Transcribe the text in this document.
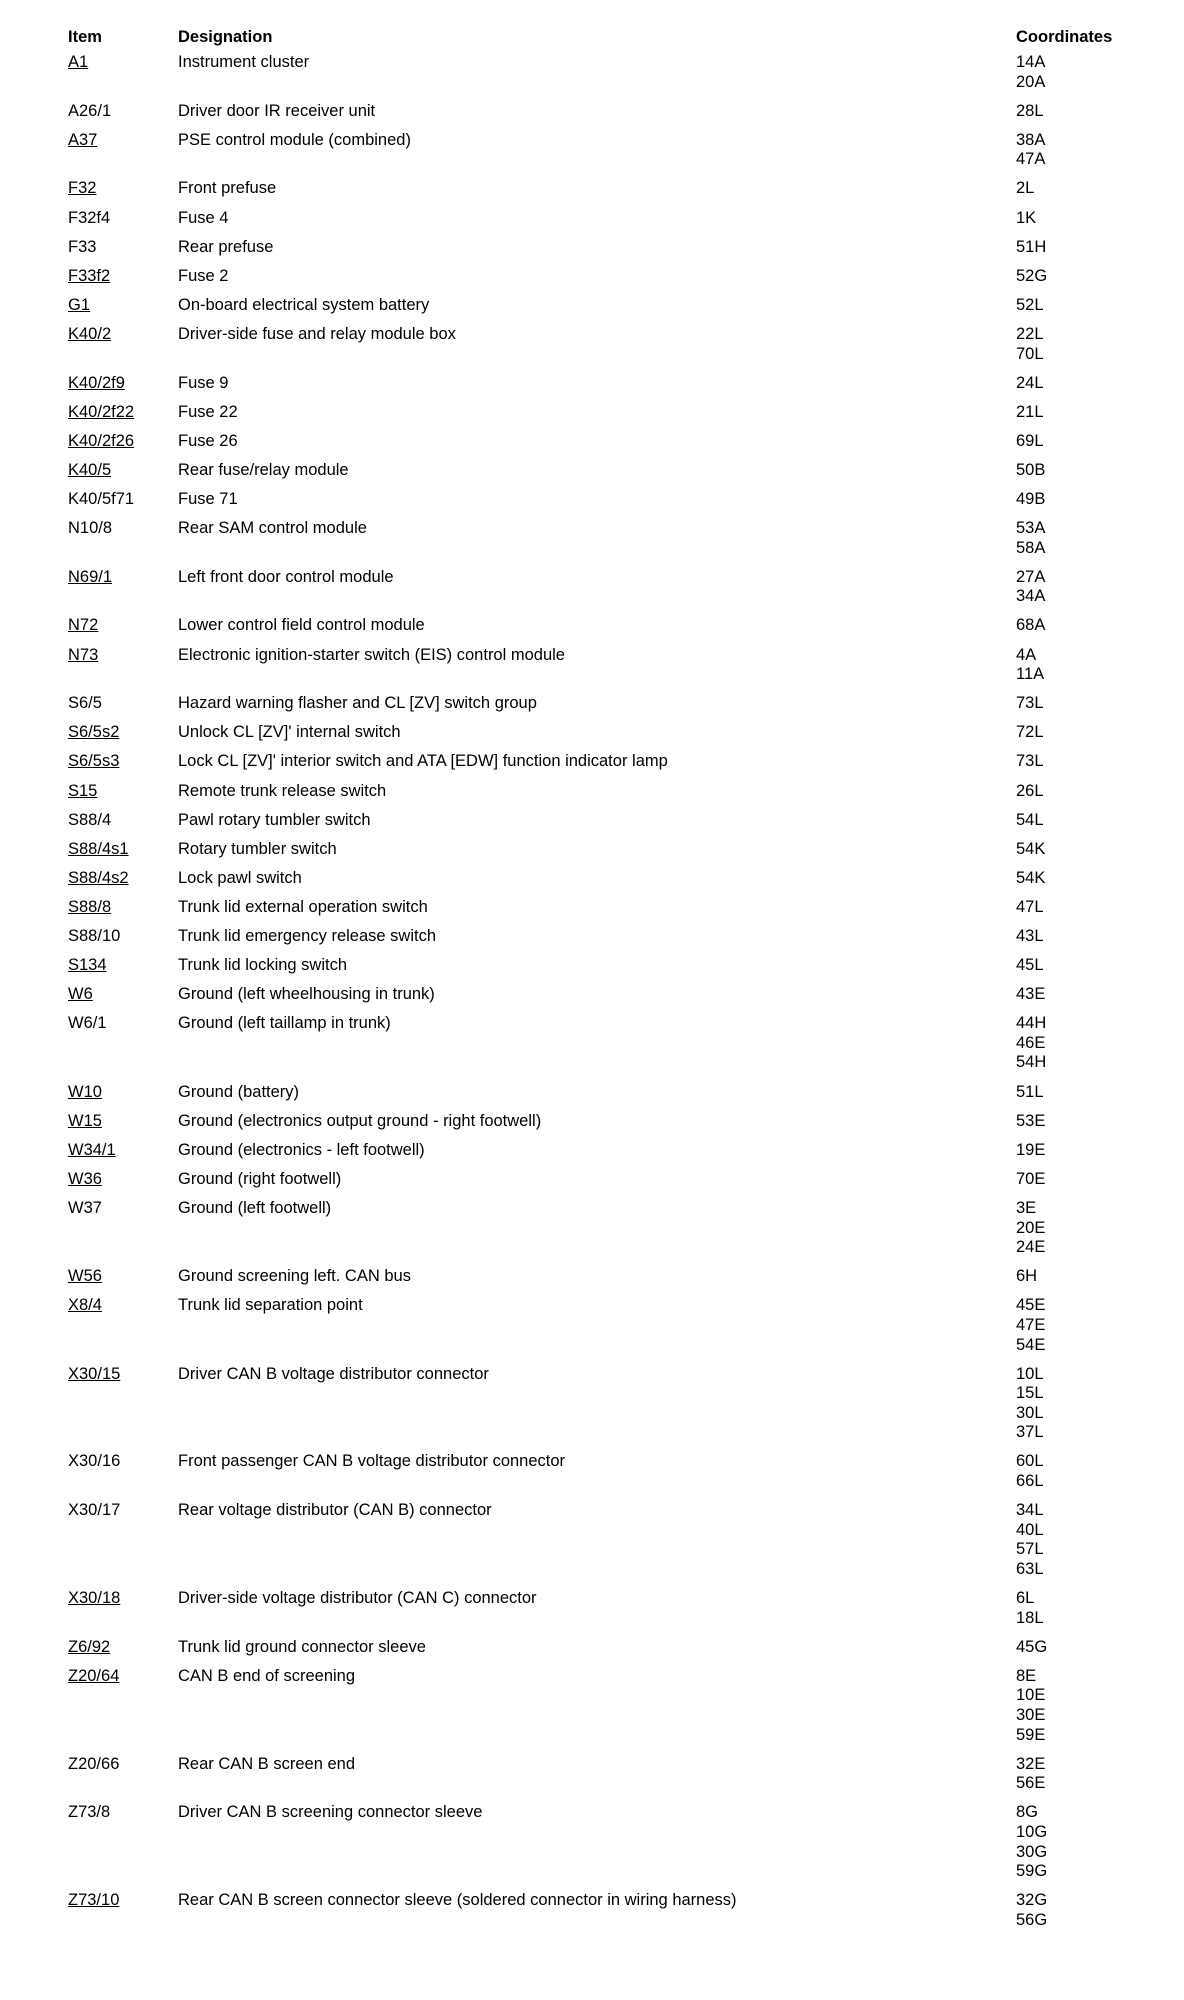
Item	Designation	Coordinates
A1	Instrument cluster	14A
20A

A26/1	Driver door IR receiver unit	28L

A37	PSE control module (combined)	38A
47A

F32	Front prefuse	2L

F32f4	Fuse 4	1K

F33	Rear prefuse	51H

F33f2	Fuse 2	52G

G1	On-board electrical system battery	52L

K40/2	Driver-side fuse and relay module box	22L
70L

K40/2f9	Fuse 9	24L

K40/2f22	Fuse 22	21L

K40/2f26	Fuse 26	69L

K40/5	Rear fuse/relay module	50B

K40/5f71	Fuse 71	49B

N10/8	Rear SAM control module	53A
58A

N69/1	Left front door control module	27A
34A

N72	Lower control field control module	68A

N73	Electronic ignition-starter switch (EIS) control module	4A
11A

S6/5	Hazard warning flasher and CL [ZV] switch group	73L

S6/5s2	Unlock CL [ZV]' internal switch	72L

S6/5s3	Lock CL [ZV]' interior switch and ATA [EDW] function indicator lamp	73L

S15	Remote trunk release switch	26L

S88/4	Pawl rotary tumbler switch	54L

S88/4s1	Rotary tumbler switch	54K

S88/4s2	Lock pawl switch	54K

S88/8	Trunk lid external operation switch	47L

S88/10	Trunk lid emergency release switch	43L

S134	Trunk lid locking switch	45L

W6	Ground (left wheelhousing in trunk)	43E

W6/1	Ground (left taillamp in trunk)	44H
46E
54H

W10	Ground (battery)	51L

W15	Ground (electronics output ground - right footwell)	53E

W34/1	Ground (electronics - left footwell)	19E

W36	Ground (right footwell)	70E

W37	Ground (left footwell)	3E
20E
24E

W56	Ground screening left. CAN bus	6H

X8/4	Trunk lid separation point	45E
47E
54E

X30/15	Driver CAN B voltage distributor connector	10L
15L
30L
37L

X30/16	Front passenger CAN B voltage distributor connector	60L
66L

X30/17	Rear voltage distributor (CAN B) connector	34L
40L
57L
63L

X30/18	Driver-side voltage distributor (CAN C) connector	6L
18L

Z6/92	Trunk lid ground connector sleeve	45G

Z20/64	CAN B end of screening	8E
10E
30E
59E

Z20/66	Rear CAN B screen end	32E
56E

Z73/8	Driver CAN B screening connector sleeve	8G
10G
30G
59G

Z73/10	Rear CAN B screen connector sleeve (soldered connector in wiring harness)	32G
56G
